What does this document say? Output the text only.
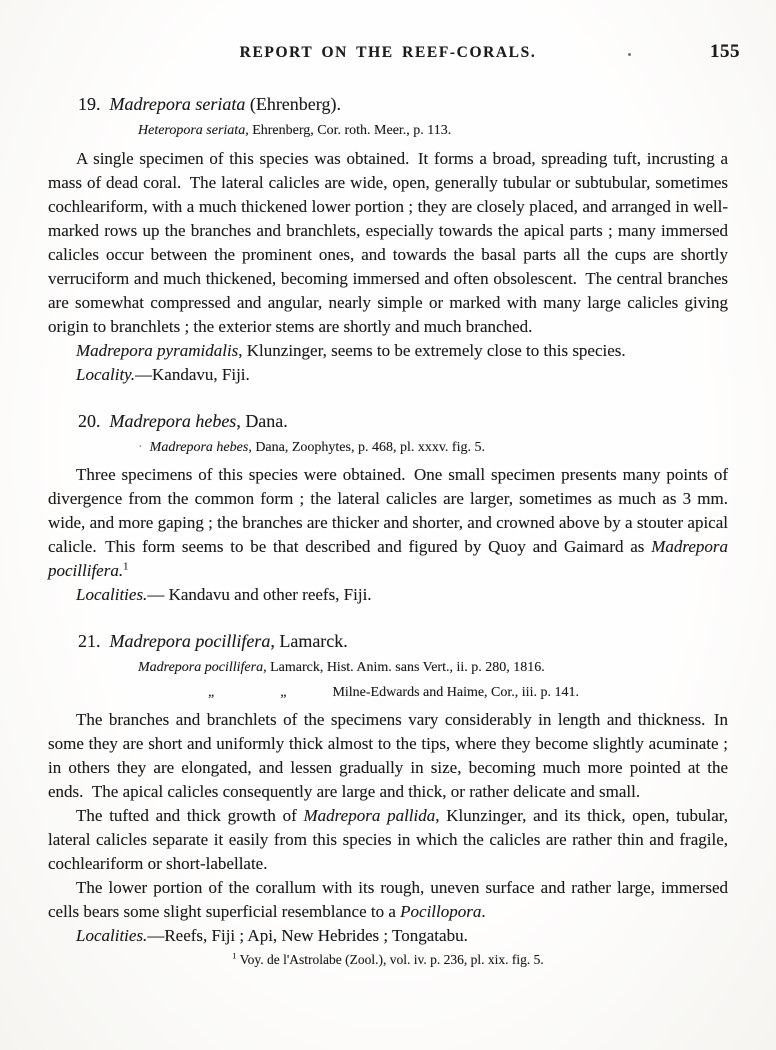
REPORT ON THE REEF-CORALS.	155
19. Madrepora seriata (Ehrenberg).
Heteropora seriata, Ehrenberg, Cor. roth. Meer., p. 113.

A single specimen of this species was obtained. It forms a broad, spreading tuft, incrusting a mass of dead coral. The lateral calicles are wide, open, generally tubular or subtubular, sometimes cochleariform, with a much thickened lower portion ; they are closely placed, and arranged in well-marked rows up the branches and branchlets, especially towards the apical parts ; many immersed calicles occur between the prominent ones, and towards the basal parts all the cups are shortly verruciform and much thickened, becoming immersed and often obsolescent. The central branches are somewhat compressed and angular, nearly simple or marked with many large calicles giving origin to branchlets ; the exterior stems are shortly and much branched.

Madrepora pyramidalis, Klunzinger, seems to be extremely close to this species.

Locality.—Kandavu, Fiji.

20. Madrepora hebes, Dana.
· Madrepora hebes, Dana, Zoophytes, p. 468, pl. xxxv. fig. 5.

Three specimens of this species were obtained. One small specimen presents many points of divergence from the common form ; the lateral calicles are larger, sometimes as much as 3 mm. wide, and more gaping ; the branches are thicker and shorter, and crowned above by a stouter apical calicle. This form seems to be that described and figured by Quoy and Gaimard as Madrepora pocillifera.$^1$

Localities.— Kandavu and other reefs, Fiji.

21. Madrepora pocillifera, Lamarck.
Madrepora pocillifera, Lamarck, Hist. Anim. sans Vert., ii. p. 280, 1816.
„	„	Milne-Edwards and Haime, Cor., iii. p. 141.

The branches and branchlets of the specimens vary considerably in length and thickness. In some they are short and uniformly thick almost to the tips, where they become slightly acuminate ; in others they are elongated, and lessen gradually in size, becoming much more pointed at the ends. The apical calicles consequently are large and thick, or rather delicate and small.

The tufted and thick growth of Madrepora pallida, Klunzinger, and its thick, open, tubular, lateral calicles separate it easily from this species in which the calicles are rather thin and fragile, cochleariform or short-labellate.

The lower portion of the corallum with its rough, uneven surface and rather large, immersed cells bears some slight superficial resemblance to a Pocillopora.

Localities.—Reefs, Fiji ; Api, New Hebrides ; Tongatabu.

$^1$ Voy. de l'Astrolabe (Zool.), vol. iv. p. 236, pl. xix. fig. 5.
